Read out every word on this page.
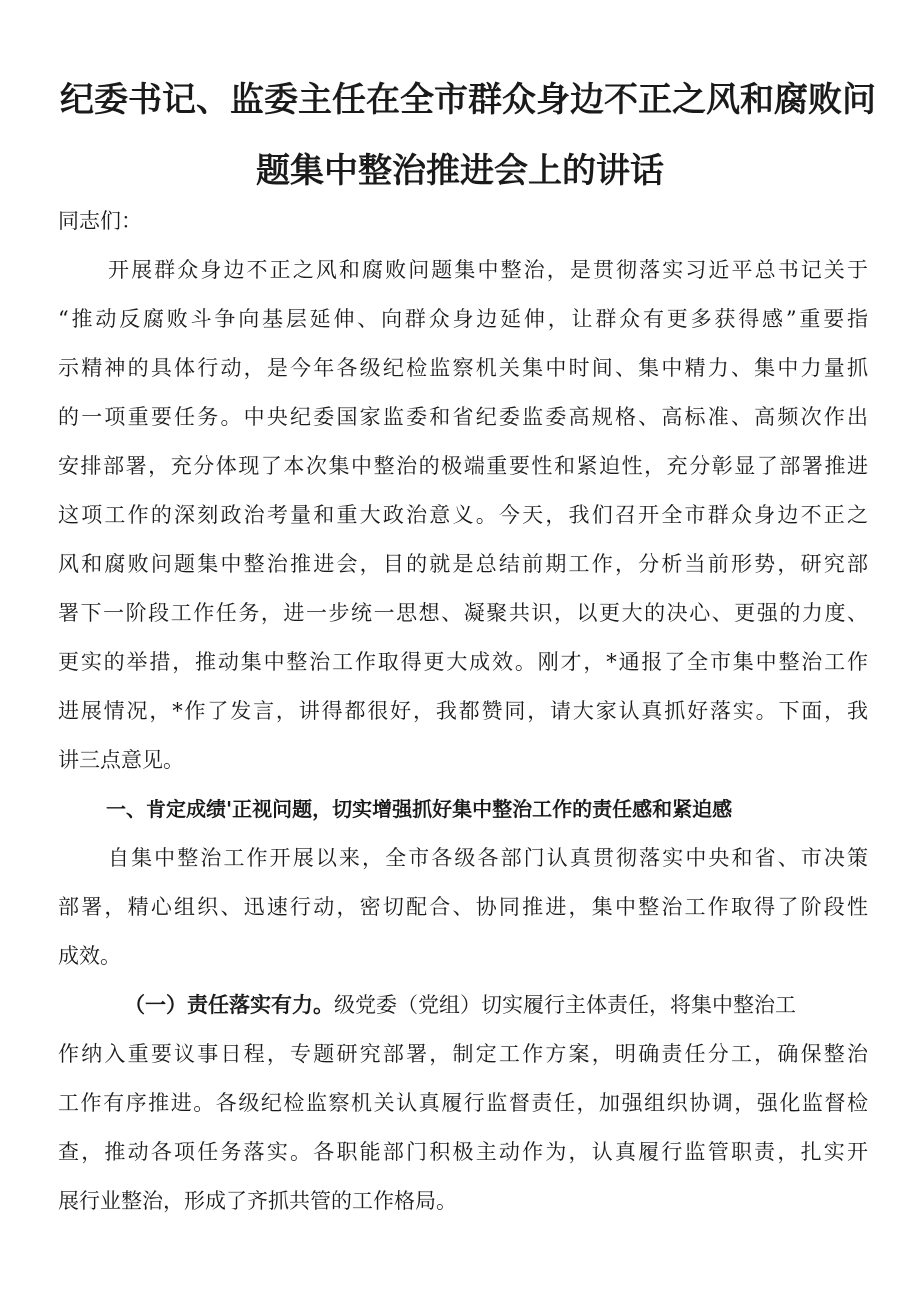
纪委书记、监委主任在全市群众身边不正之风和腐败问
题集中整治推进会上的讲话
同志们：
开展群众身边不正之风和腐败问题集中整治，是贯彻落实习近平总书记关于
“推动反腐败斗争向基层延伸、向群众身边延伸，让群众有更多获得感”重要指
示精神的具体行动，是今年各级纪检监察机关集中时间、集中精力、集中力量抓
的一项重要任务。中央纪委国家监委和省纪委监委高规格、高标准、高频次作出
安排部署，充分体现了本次集中整治的极端重要性和紧迫性，充分彰显了部署推进
这项工作的深刻政治考量和重大政治意义。今天，我们召开全市群众身边不正之
风和腐败问题集中整治推进会，目的就是总结前期工作，分析当前形势，研究部
署下一阶段工作任务，进一步统一思想、凝聚共识，以更大的决心、更强的力度、
更实的举措，推动集中整治工作取得更大成效。刚才，*通报了全市集中整治工作
进展情况，*作了发言，讲得都很好，我都赞同，请大家认真抓好落实。下面，我
讲三点意见。
一、肯定成绩'正视问题，切实增强抓好集中整治工作的责任感和紧迫感
自集中整治工作开展以来，全市各级各部门认真贯彻落实中央和省、市决策
部署，精心组织、迅速行动，密切配合、协同推进，集中整治工作取得了阶段性
成效。
（一）责任落实有力。级党委（党组）切实履行主体责任，将集中整治工
作纳入重要议事日程，专题研究部署，制定工作方案，明确责任分工，确保整治
工作有序推进。各级纪检监察机关认真履行监督责任，加强组织协调，强化监督检
查，推动各项任务落实。各职能部门积极主动作为，认真履行监管职责，扎实开
展行业整治，形成了齐抓共管的工作格局。
